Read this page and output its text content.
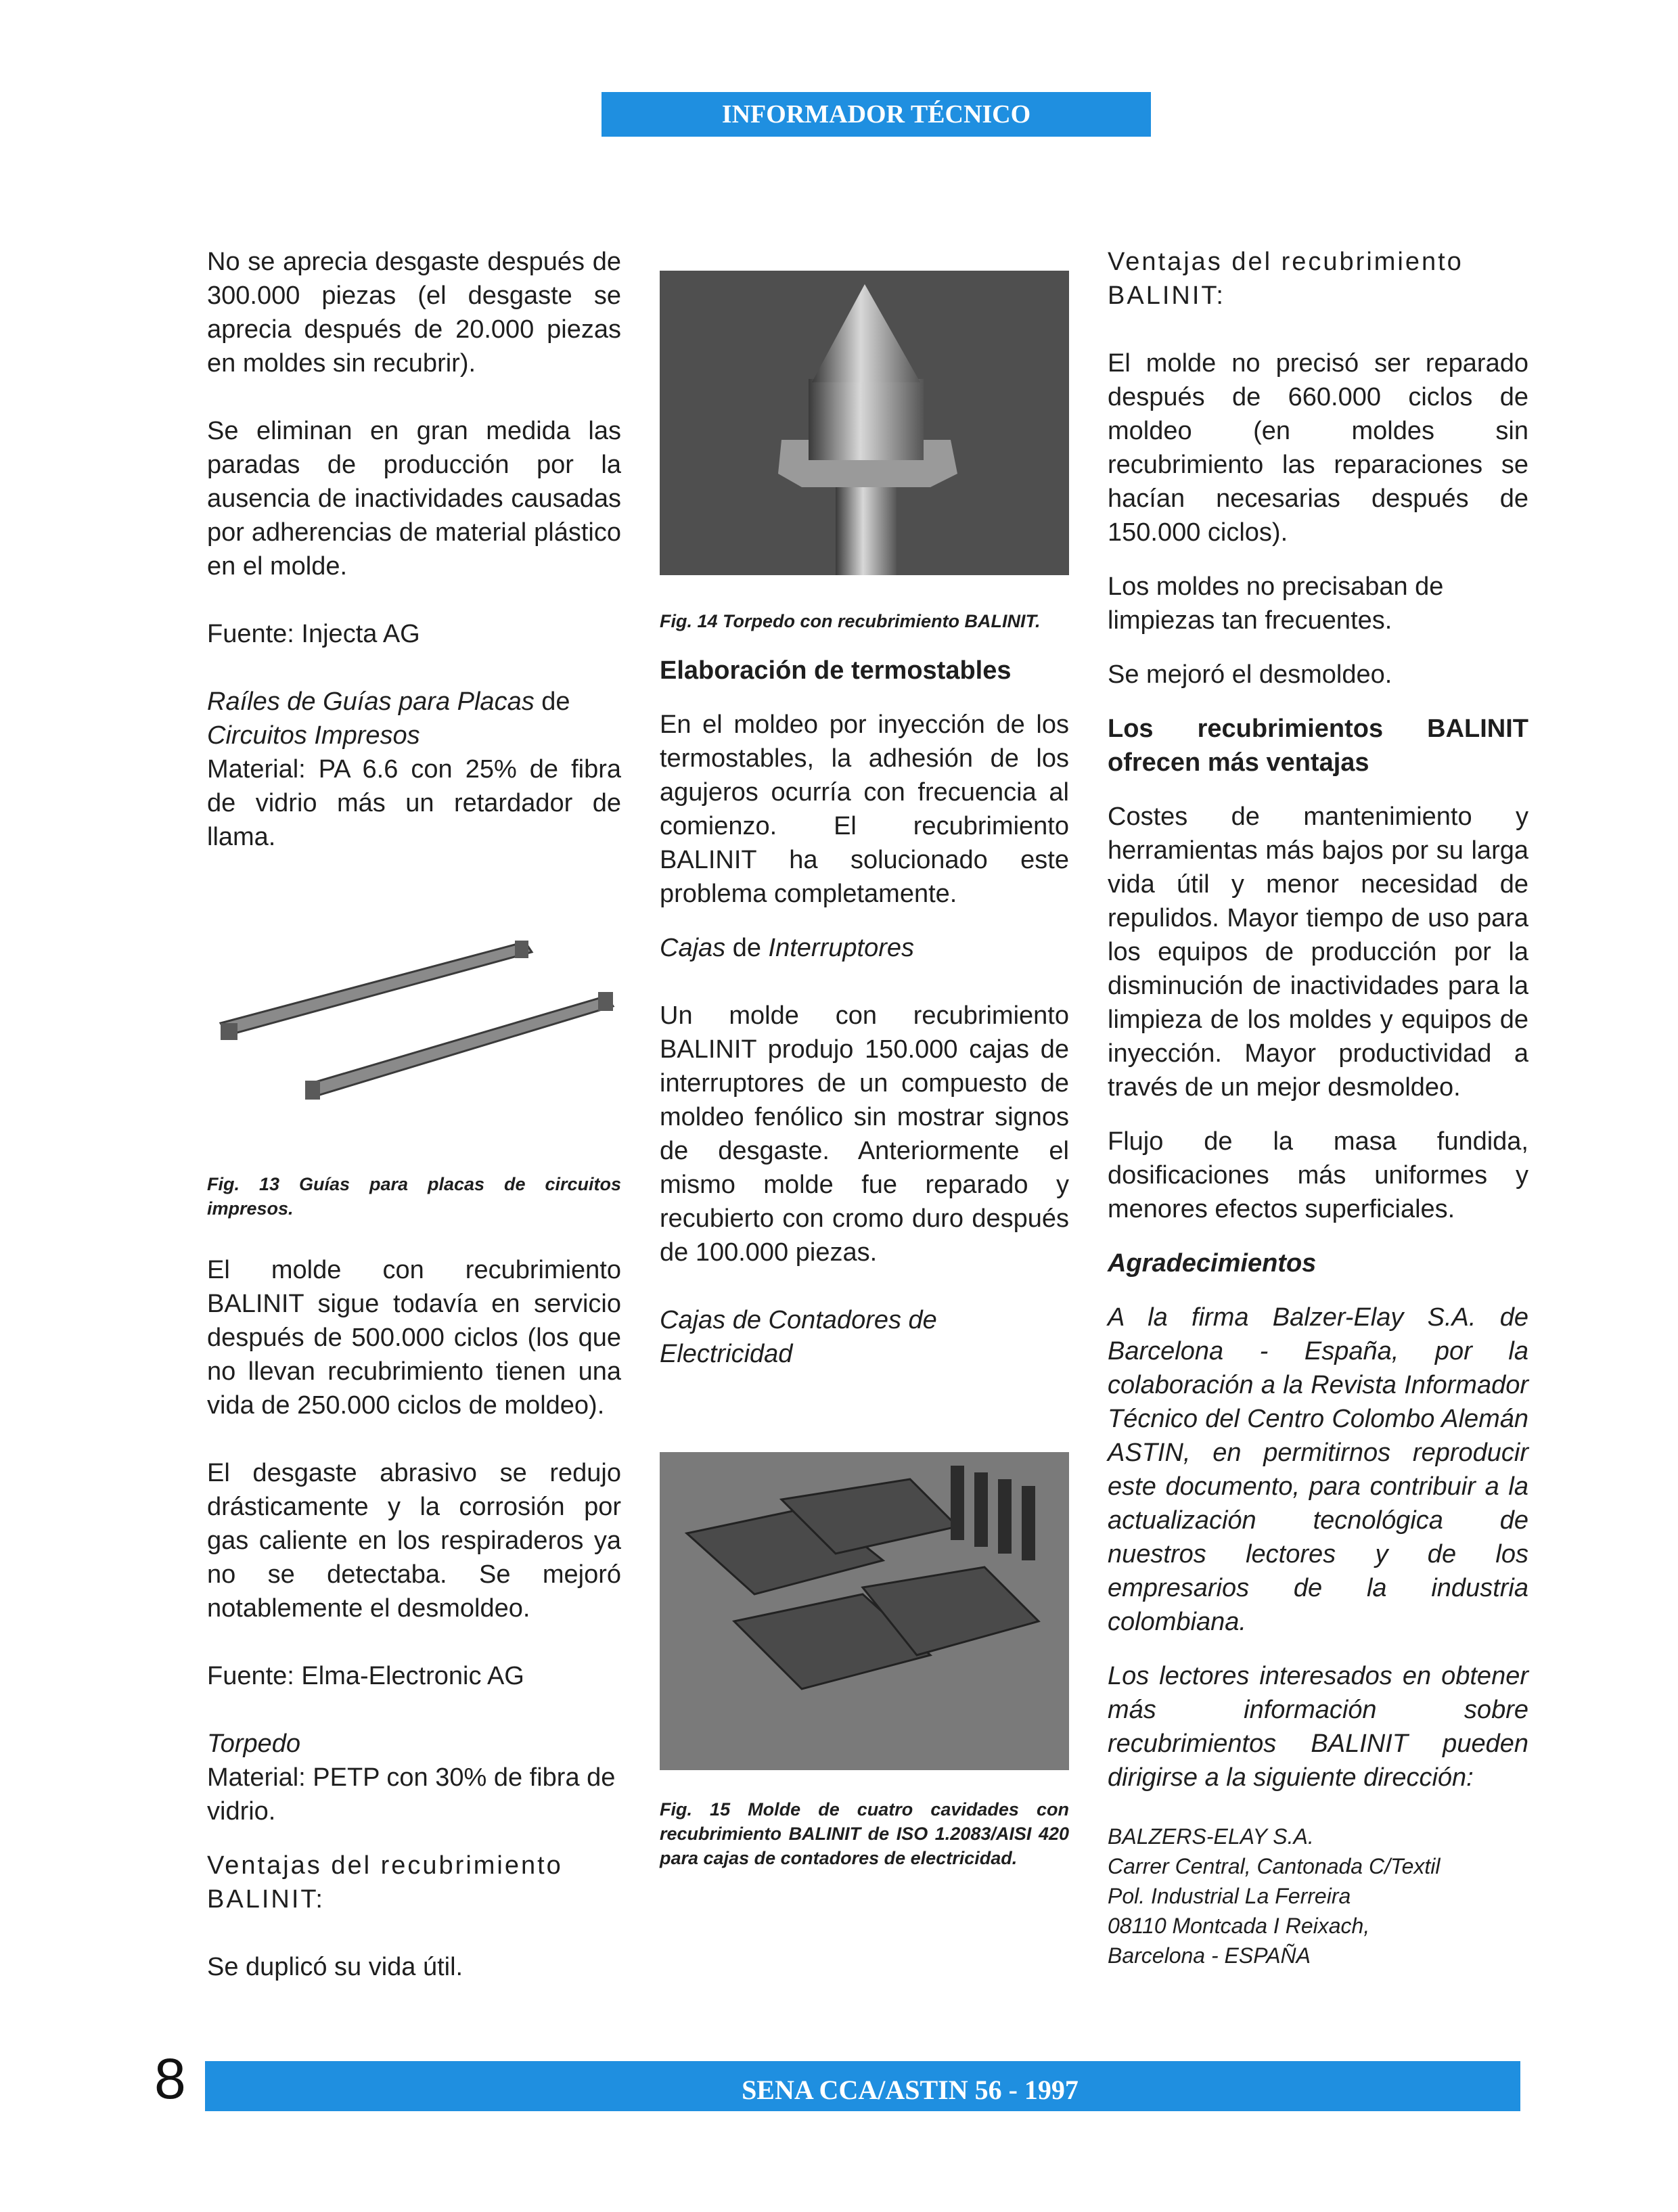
INFORMADOR TÉCNICO

No se aprecia desgaste después de 300.000 piezas (el desgaste se aprecia después de 20.000 piezas en moldes sin recubrir).

Se eliminan en gran medida las paradas de producción por la ausencia de inactividades causadas por adherencias de material plástico en el molde.

Fuente: Injecta AG

Raíles de Guías para Placas de Circuitos Impresos

Material: PA 6.6 con 25% de fibra de vidrio más un retardador de llama.

Fig. 13 Guías para placas de circuitos impresos.

El molde con recubrimiento BALINIT sigue todavía en servicio después de 500.000 ciclos (los que no llevan recubrimiento tienen una vida de 250.000 ciclos de moldeo).

El desgaste abrasivo se redujo drásticamente y la corrosión por gas caliente en los respiraderos ya no se detectaba. Se mejoró notablemente el desmoldeo.

Fuente: Elma-Electronic AG

Torpedo

Material: PETP con 30% de fibra de vidrio.

Ventajas del recubrimiento BALINIT:

Se duplicó su vida útil.

Fig. 14 Torpedo con recubrimiento BALINIT.

Elaboración de termostables

En el moldeo por inyección de los termostables, la adhesión de los agujeros ocurría con frecuencia al comienzo. El recubrimiento BALINIT ha solucionado este problema completamente.

Cajas de Interruptores

Un molde con recubrimiento BALINIT produjo 150.000 cajas de interruptores de un compuesto de moldeo fenólico sin mostrar signos de desgaste. Anteriormente el mismo molde fue reparado y recubierto con cromo duro después de 100.000 piezas.

Cajas de Contadores de Electricidad

Fig. 15 Molde de cuatro cavidades con recubrimiento BALINIT de ISO 1.2083/AISI 420 para cajas de contadores de electricidad.

Ventajas del recubrimiento BALINIT:

El molde no precisó ser reparado después de 660.000 ciclos de moldeo (en moldes sin recubrimiento las reparaciones se hacían necesarias después de 150.000 ciclos).

Los moldes no precisaban de limpiezas tan frecuentes.

Se mejoró el desmoldeo.

Los recubrimientos BALINIT ofrecen más ventajas

Costes de mantenimiento y herramientas más bajos por su larga vida útil y menor necesidad de repulidos. Mayor tiempo de uso para los equipos de producción por la disminución de inactividades para la limpieza de los moldes y equipos de inyección. Mayor productividad a través de un mejor desmoldeo.

Flujo de la masa fundida, dosificaciones más uniformes y menores efectos superficiales.

Agradecimientos

A la firma Balzer-Elay S.A. de Barcelona - España, por la colaboración a la Revista Informador Técnico del Centro Colombo Alemán ASTIN, en permitirnos reproducir este documento, para contribuir a la actualización tecnológica de nuestros lectores y de los empresarios de la industria colombiana.

Los lectores interesados en obtener más información sobre recubrimientos BALINIT pueden dirigirse a la siguiente dirección:

BALZERS-ELAY S.A.

Carrer Central, Cantonada C/Textil

Pol. Industrial La Ferreira

08110 Montcada I Reixach,

Barcelona - ESPAÑA

8	SENA CCA/ASTIN 56 - 1997
